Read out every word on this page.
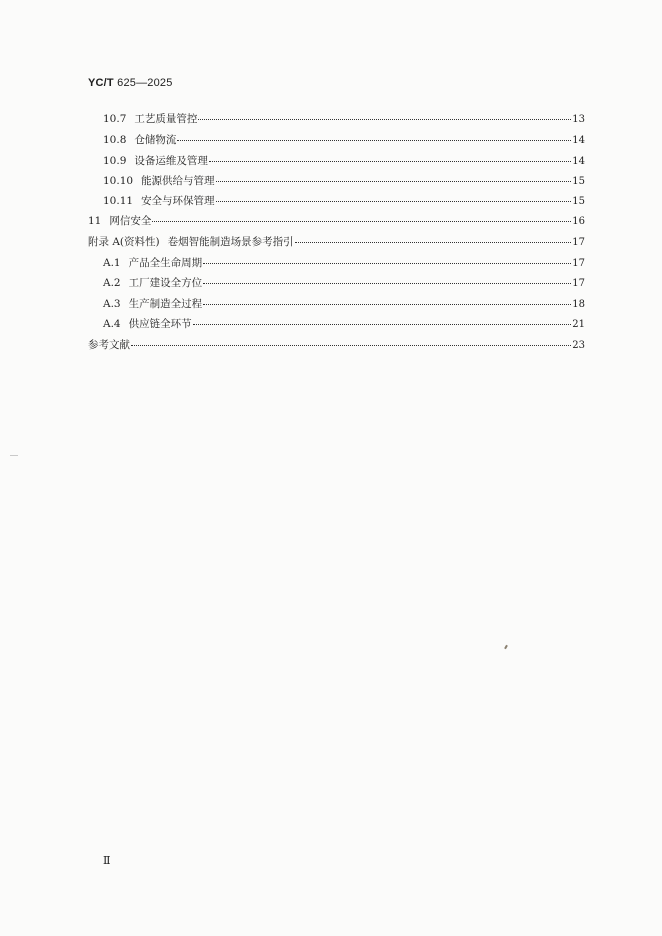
YC/T 625—2025
10.7 工艺质量管控	13
10.8 仓储物流	14
10.9 设备运维及管理	14
10.10 能源供给与管理	15
10.11 安全与环保管理	15
11 网信安全	16
附录 A(资料性) 卷烟智能制造场景参考指引	17
A.1 产品全生命周期	17
A.2 工厂建设全方位	17
A.3 生产制造全过程	18
A.4 供应链全环节	21
参考文献	23
Ⅱ
